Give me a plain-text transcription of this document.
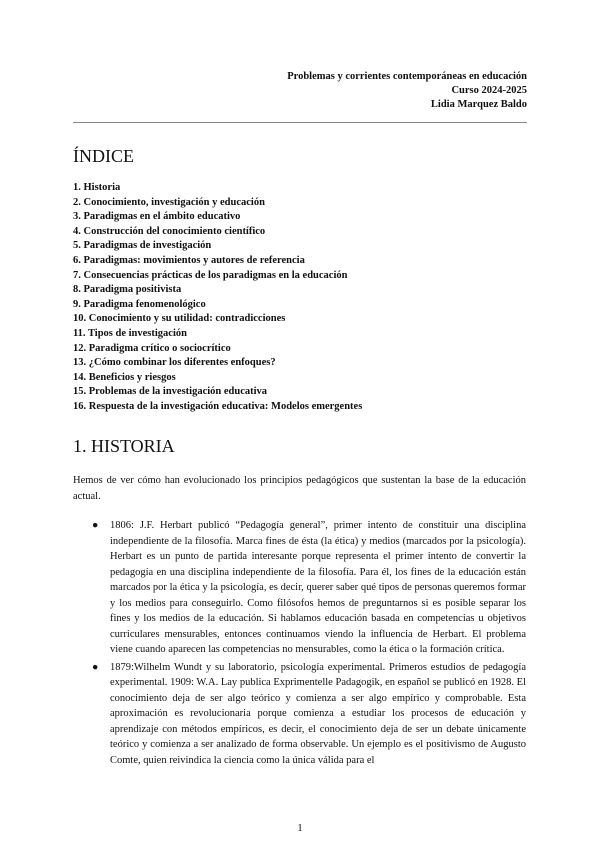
Problemas y corrientes contemporáneas en educación
Curso 2024-2025
Lidia Marquez Baldo
ÍNDICE
1. Historia
2. Conocimiento, investigación y educación
3. Paradigmas en el ámbito educativo
4. Construcción del conocimiento científico
5. Paradigmas de investigación
6. Paradigmas: movimientos y autores de referencia
7. Consecuencias prácticas de los paradigmas en la educación
8. Paradigma positivista
9. Paradigma fenomenológico
10. Conocimiento y su utilidad: contradicciones
11. Tipos de investigación
12. Paradigma crítico o sociocrítico
13. ¿Cómo combinar los diferentes enfoques?
14. Beneficios y riesgos
15. Problemas de la investigación educativa
16. Respuesta de la investigación educativa: Modelos emergentes
1. HISTORIA

Hemos de ver cómo han evolucionado los principios pedagógicos que sustentan la base de la educación actual.

● 1806: J.F. Herbart publicó “Pedagogía general”, primer intento de constituir una disciplina independiente de la filosofía. Marca fines de ésta (la ética) y medios (marcados por la psicología). Herbart es un punto de partida interesante porque representa el primer intento de convertir la pedagogía en una disciplina independiente de la filosofía. Para él, los fines de la educación están marcados por la ética y la psicología, es decir, querer saber qué tipos de personas queremos formar y los medios para conseguirlo. Como filósofos hemos de preguntarnos si es posible separar los fines y los medios de la educación. Si hablamos educación basada en competencias u objetivos curriculares mensurables, entonces continuamos viendo la influencia de Herbart. El problema viene cuando aparecen las competencias no mensurables, como la ética o la formación crítica.
● 1879:Wilhelm Wundt y su laboratorio, psicología experimental. Primeros estudios de pedagogía experimental. 1909: W.A. Lay publica Exprimentelle Padagogik, en español se publicó en 1928. El conocimiento deja de ser algo teórico y comienza a ser algo empírico y comprobable. Esta aproximación es revolucionaria porque comienza a estudiar los procesos de educación y aprendizaje con métodos empíricos, es decir, el conocimiento deja de ser un debate únicamente teórico y comienza a ser analizado de forma observable. Un ejemplo es el positivismo de Augusto Comte, quien reivindica la ciencia como la única válida para el
1
